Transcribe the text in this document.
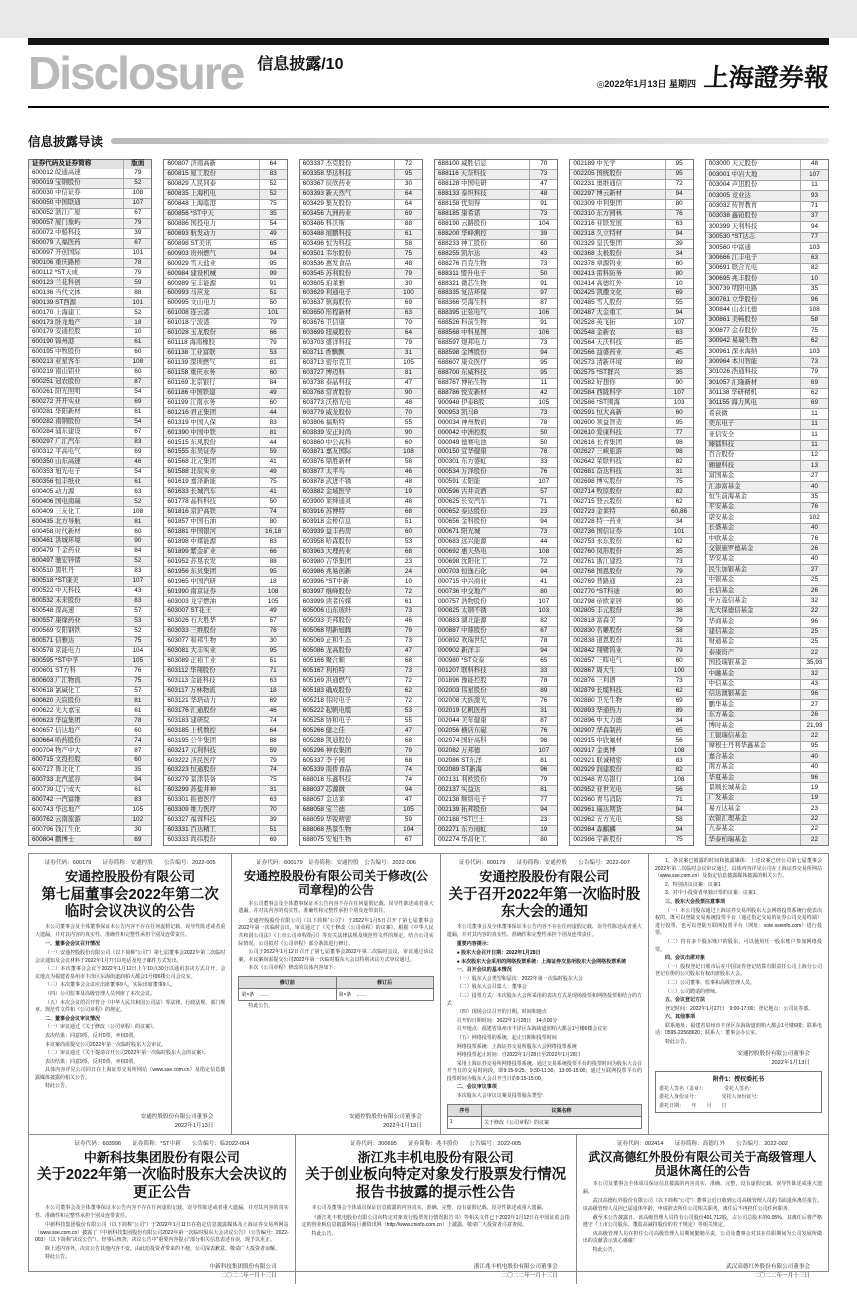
Disclosure 信息披露/10
◎2022年1月13日 星期四 上海證券報
信息披露导读
证券代码及证券简称	版面
600012 皖通高速	79
600019 宝钢股份	52
600030 中信证券	108
600050 中国联通	107
600052 浙江广厦	67
600057 厦门象屿	79
600072 中船科技	39
600079 人福医药	67
600097 开创国际	101
600106 重庆路桥	78
600112 *ST天成	79
600123 兰花科创	59
600136 当代文体	88
600139 ST西源	101
600170 上海建工	52
600173 卧龙地产	18
600179 安通控股	10
600190 锦州港	61
600195 中牧股份	60
600213 亚星客车	108
600219 南山铝业	60
600251 冠农股份	87
600261 阳光照明	54
600272 开开实业	69
600281 华阳新材	61
600282 南钢股份	54
600284 浦东建设	67
600297 广汇汽车	83
600312 平高电气	69
600350 山东高速	46
600353 旭光电子	54
600356 恒丰纸业	61
600405 动力源	63
600406 国电南瑞	52
600409 三友化工	108
600435 北方导航	81
600458 时代新材	60
600461 洪城环境	90
600479 千金药业	84
600497 驰宏锌锗	52
600510 黑牡丹	83
600518 *ST康美	107
600522 中天科技	43
600532 未来股份	83
600548 深高速	57
600557 康缘药业	53
600569 安阳钢铁	52
600571 信雅达	75
600578 京能电力	104
600595 *ST中孚	105
600601 ST方科	76
600603 广汇物流	75
600618 氯碱化工	57
600620 天宸股份	81
600622 光大嘉宝	61
600623 华谊集团	78
600657 信达地产	60
600664 哈药股份	74
600704 物产中大	87
600715 文投控股	60
600727 鲁北化工	35
600733 北汽蓝谷	94
600739 辽宁成大	61
600742 一汽富维	83
600743 华远地产	105
600762 云南旅游	102
600796 钱江生化	30
600804 鹏博士	69
600807 济南高新	64
600815 厦工股份	83
600829 人民同泰	52
600835 上海机电	52
600848 上海临港	75
600856 *ST中天	35
600886 国投电力	54
600893 航发动力	49
600898 ST美讯	65
600903 贵州燃气	94
600929 雪天盐业	95
600984 建设机械	99
600989 宝丰能源	91
600993 马应龙	51
600995 文山电力	50
601008 连云港	101
601018 宁波港	79
601028 玉龙股份	66
601118 海南橡胶	79
601138 工业富联	53
601139 深圳燃气	81
601158 重庆水务	60
601169 北京银行	84
601186 中国铁建	49
601199 江南水务	60
601216 君正集团	44
601319 中国人保	83
601390 中国中铁	81
601515 东风股份	44
601555 东吴证券	59
601568 北元集团	41
601588 北辰实业	49
601619 嘉泽新能	75
601633 长城汽车	41
601778 晶科科技	50
601816 京沪高铁	74
601857 中国石油	80
601881 中国银河	16,18
601898 中煤能源	83
601899 紫金矿业	66
601952 苏垦农发	88
601956 东贝集团	95
601965 中国汽研	18
601990 南京证券	108
603003 龙宇燃油	105
603007 ST花王	49
603026 石大胜华	57
603033 三维股份	76
603077 和邦生物	30
603081 大丰实业	95
603089 正裕工业	51
603112 华翔股份	71
603113 金能科技	63
603117 万林物流	18
603121 华培动力	69
603176 汇通股份	46
603183 建研院	74
603185 上机数控	64
603195 公牛集团	88
603217 元利科技	59
603222 济民医疗	79
603223 恒通股份	74
603279 景津装备	75
603299 苏盐井神	31
603301 振德医疗	63
603309 维力医疗	70
603327 福蓉科技	39
603331 百达精工	51
603333 尚纬股份	69
603337 杰克股份	72
603358 华达科技	95
603367 辰欣药业	30
603393 新天然气	64
603429 集友股份	64
603456 九洲药业	69
603486 科沃斯	88
603488 展鹏科技	61
603496 恒为科技	58
603501 韦尔股份	75
603536 惠发食品	48
603545 苏利股份	79
603605 珀莱雅	30
603629 利通电子	100
603637 镇海股份	69
603650 彤程新材	63
603676 卫信康	70
603699 纽威股份	64
603703 盛洋科技	79
603711 香飘飘	31
603713 密尔克卫	105
603727 博迈科	81
603738 泰晶科技	47
603768 常青股份	90
603773 沃格光电	48
603779 威龙股份	70
603806 福斯特	55
603839 安正时尚	90
603860 中公高科	60
603871 嘉友国际	108
603876 鼎胜新材	58
603877 太平鸟	46
603878 武进不锈	48
603882 金域医学	19
603900 莱绅通灵	48
603916 苏博特	68
603918 金桥信息	51
603939 益丰药房	60
603958 哈森股份	53
603963 大理药业	68
603980 吉华集团	23
603986 兆易创新	24
603996 *ST中新	10
603997 继峰股份	72
603999 读者传媒	61
605006 山东玻纤	73
605033 美邦股份	46
605068 明新旭腾	79
605069 正和生态	73
605086 龙高股份	47
605166 聚合顺	68
605167 利柏特	73
605169 洪通燃气	72
605183 确成股份	62
605218 伟时电子	72
605222 起帆电缆	53
605258 协和电子	55
605266 健之佳	47
605288 凯迪股份	68
605296 神农集团	79
605337 李子园	68
605339 南侨食品	74
688018 乐鑫科技	74
688037 芯源微	94
688057 金达莱	47
688058 宝兰德	105
688059 华锐精密	59
688068 热景生物	104
688075 安旭生物	67
688100 威胜信息	70
688116 天奈科技	73
688128 中国电研	47
688133 泰坦科技	48
688158 优刻得	91
688185 康希诺	73
688190 云路股份	104
688200 华峰测控	39
688233 神工股份	60
688255 凯尔达	43
688276 百克生物	73
688311 盟升电子	50
688321 微芯生物	91
688335 复洁环保	97
688366 昊海生科	87
688395 正弦电气	106
688526 科前生物	91
688568 中科星图	106
688597 煜邦电力	73
688598 金博股份	94
688607 康众医疗	95
688700 东威科技	95
688767 博拓生物	11
688786 悦安新材	42
900948 伊泰B股	105
900953 凯马B	73
000034 神州数码	78
000042 中洲控股	50
000049 德赛电池	50
000150 宜华健康	78
000301 东方盛虹	33
000534 万泽股份	76
000591 太阳能	107
000596 古井贡酒	57
000625 长安汽车	71
000652 泰达股份	23
000656 金科股份	94
000671 阳光城	73
000683 远兴能源	44
000692 惠天热电	108
000698 沈阳化工	72
000703 恒逸石化	94
000715 中兴商业	41
000736 中交地产	80
000757 浩物股份	107
000825 太钢不锈	103
000883 湖北能源	82
000887 中鼎股份	67
000892 欢瑞世纪	78
000902 新洋丰	94
000980 *ST众泰	65
001207 联科科技	33
001896 豫能控股	78
002003 伟星股份	89
002008 大族激光	76
002019 亿帆医药	31
002044 美年健康	87
002056 横店东磁	76
002074 国轩高科	98
002082 万邦德	107
002086 ST东洋	81
002089 ST新海	96
002131 利欧股份	79
002137 实益达	81
002138 顺络电子	77
002139 拓邦股份	94
002188 *ST巴士	23
002271 东方雨虹	19
002274 华昌化工	80
002189 中光学	95
002205 国统股份	95
002231 奥维通信	72
002297 博云新材	94
002309 中利集团	80
002310 东方园林	76
002316 亚联发展	63
002318 久立特材	94
002329 皇氏集团	39
002368 太极股份	34
002378 章源钨业	60
002413 雷科防务	80
002414 高德红外	10
002425 凯撒文化	69
002485 雪人股份	55
002487 大金重工	94
002528 英飞拓	107
002548 金新农	63
002564 天沃科技	85
002566 益盛药业	45
002573 清新环境	89
002575 *ST群兴	35
002582 好想你	90
002584 西陇科学	107
002586 *ST围海	103
002591 恒大高新	60
002600 领益智造	95
002610 爱康科技	77
002616 长青集团	98
002627 三峡旅游	98
002642 荣联科技	82
002681 奋达科技	31
002698 博实股份	75
002714 牧原股份	82
002715 登云股份	62
002723 金莱特	60,86
002728 特一药业	34
002736 国信证券	101
002753 永东股份	62
002760 凤形股份	35
002761 浙江建投	73
002768 国恩股份	79
002769 普路通	23
002770 *ST科迪	90
002798 帝欧家居	90
002805 丰元股份	38
002818 富森美	79
002830 名雕股份	58
002838 道恩股份	31
002842 翔鹭钨业	79
002857 三晖电气	60
002867 周大生	100
002876 三利谱	73
002879 长缆科技	62
002880 卫光生物	69
002893 华通热力	89
002896 中大力德	34
002907 华森制药	65
002915 中欣氟材	56
002917 金奥博	108
002921 联诚精密	83
002929 润建股份	82
002948 青岛银行	108
002952 亚世光电	56
002960 青鸟消防	71
002961 瑞达期货	94
002962 五方光电	58
002984 森麒麟	94
002986 宇新股份	75
003000 天元股份	48
003001 中岩大地	107
003004 声迅股份	11
003005 竞业达	93
003032 传智教育	71
003038 鑫铂股份	37
300399 天利科技	94
300530 *ST达志	77
300560 中富通	103
300666 江丰电子	63
300691 联合光电	82
300695 兆丰股份	10
300739 明阳电路	35
300761 立华股份	96
300844 山水比德	108
300861 美畅股份	58
300877 金春股份	75
300942 易瑞生物	62
300961 深水海纳	103
300964 本川智能	73
301026 浩通科技	79
301057 汇隆新材	69
301138 华研精机	62
301155 海力风电	69
希荻微	11
奕东电子	11
亚信安全	11
臻镭科技	11
百合股份	12
翱捷科技	13
富国基金	27
汇添富基金	40
恒生前海基金	35
平安基金	76
诺安基金	102
长盛基金	40
中欧基金	76
交银施罗德基金	26
华安基金	40
民生加银基金	27
中银基金	25
长信基金	26
申万菱信基金	32
光大保德信基金	22
华商基金	96
建信基金	25
财通基金	25
泰康资产	22
国投瑞银基金	35,93
中融基金	32
中信基金	43
信达澳银基金	96
鹏华基金	27
东方基金	26
博时基金	21,93
工银瑞信基金	22
摩根士丹利华鑫基金	95
嘉合基金	40
南方基金	40
华夏基金	96
景顺长城基金	19
广发基金	19
易方达基金	23
农银汇理基金	22
九泰基金	22
华泰柏瑞基金	22
证券代码：600179　　证券简称：安通控股　　公告编号：2022-005
安通控股股份有限公司
第七届董事会2022年第二次临时会议决议的公告

本公司董事会及全体董事保证本公告内容不存在任何虚假记载、误导性陈述或者重大遗漏，并对其内容的真实性、准确性和完整性承担个别及连带责任。

一、董事会会议召开情况

（一）安通控股股份有限公司（以下简称“公司”）第七届董事会2022年第二次临时会议通知及会议材料于2022年1月7日以电话及电子邮件方式发出。

（二）本次董事会会议于2022年1月12日上午10点30分以通讯表决方式召开，会议地点为福建省泉州市丰泽区东海街道润柏大都会1号楼6楼公司会议室。

（三）本次董事会会议应出席董事9人，实际出席董事9人。

（四）公司监事及高级管理人员列席了本次会议。

（五）本次会议的召开符合《中华人民共和国公司法》等法律、行政法规、部门规章、规范性文件和《公司章程》的规定。

二、董事会会议审议情况

（一）审议通过《关于修改〈公司章程〉的议案》。

表决结果：同意9票，反对0票，弃权0票。

本议案尚需提交公司2022年第一次临时股东大会审议。

（二）审议通过《关于提请召开公司2022年第一次临时股东大会的议案》。

表决结果：同意9票，反对0票，弃权0票。

具体内容详见公司同日在上海证券交易所网站（www.sse.com.cn）及指定信息披露媒体披露的相关公告。

特此公告。

安通控股股份有限公司董事会
2022年1月13日
证券代码：600179　证券简称：安通控股　公告编号：2022-006
安通控股股份有限公司关于修改(公司章程)的公告

本公司董事会及全体董事保证本公告内容不存在任何虚假记载、误导性陈述或者重大遗漏，并对其内容的真实性、准确性和完整性承担个别及连带责任。

安通控股股份有限公司（以下简称“公司”）于2022年1月5日召开了第七届董事会2022年第一次临时会议，审议通过了《关于修改〈公司章程〉的议案》。根据《中华人民共和国公司法》《上市公司章程指引》等有关法律法规及规范性文件的规定，结合公司实际情况，公司拟对《公司章程》部分条款进行修订。

公司于2022年1月12日召开了第七届董事会2022年第二次临时会议，审议通过该议案，本议案尚需提交公司2022年第一次临时股东大会以特别决议方式审议通过。

本次《公司章程》修改的具体内容如下：

修订前	修订后
第×条　……	第×条　……

特此公告。

安通控股股份有限公司董事会
2022年1月13日
证券代码：600179　　证券简称：安通控股　　公告编号：2022-007
安通控股股份有限公司
关于召开2022年第一次临时股东大会的通知

本公司董事会及全体董事保证本公告内容不存在任何虚假记载、误导性陈述或者重大遗漏，并对其内容的真实性、准确性和完整性承担个别及连带责任。

重要内容提示：

● 股东大会召开日期：2022年1月28日

● 本次股东大会采用的网络投票系统：上海证券交易所股东大会网络投票系统

一、召开会议的基本情况

（一）股东大会类型和届次：2022年第一次临时股东大会

（二）股东大会召集人：董事会

（三）投票方式：本次股东大会所采用的表决方式是现场投票和网络投票相结合的方式

（四）现场会议召开的日期、时间和地点

召开的日期时间：2022年1月28日　14点00分

召开地点：福建省泉州市丰泽区东海街道润柏大都会1号楼6楼会议室

（五）网络投票的系统、起止日期和投票时间

网络投票系统：上海证券交易所股东大会网络投票系统

网络投票起止时间：自2022年1月28日至2022年1月28日

采用上海证券交易所网络投票系统，通过交易系统投票平台的投票时间为股东大会召开当日的交易时间段，即9:15-9:25、9:30-11:30、13:00-15:00；通过互联网投票平台的投票时间为股东大会召开当日的9:15-15:00。

二、会议审议事项

本次股东大会审议议案及投票股东类型：

序号	议案名称
1	关于修改《公司章程》的议案

1、各议案已披露的时间和披露媒体：上述议案已经公司第七届董事会2022年第二次临时会议审议通过，具体内容详见公司在上海证券交易所网站（www.sse.com.cn）及指定信息披露媒体披露的相关公告。

2、特别决议议案：议案1

3、对中小投资者单独计票的议案：议案1

三、股东大会投票注意事项

（一）本公司股东通过上海证券交易所股东大会网络投票系统行使表决权的，既可以登陆交易系统投票平台（通过指定交易的证券公司交易终端）进行投票，也可以登陆互联网投票平台（网址：vote.sseinfo.com）进行投票。

（二）持有多个股东账户的股东，可以使用任一股东账户参加网络投票。

四、会议出席对象

（一）股权登记日收市后在中国证券登记结算有限责任公司上海分公司登记在册的公司股东有权出席股东大会。

（二）公司董事、监事和高级管理人员。

（三）公司聘请的律师。

五、会议登记方法

登记时间：2022年1月27日　9:00-17:00；登记地点：公司证券部。

六、其他事项

联系地址：福建省泉州市丰泽区东海街道润柏大都会1号楼6楼；联系电话：0595-22568620；联系人：董事会办公室。

特此公告。

安通控股股份有限公司董事会
2022年1月13日

附件1：授权委托书

委托人签名（盖章）：　　　　受托人签名：

委托人身份证号：　　　　　受托人身份证号：

委托日期：　　年　　月　　日

证券代码：603996　　证券简称：*ST中新　　公告编号：临2022-004
中新科技集团股份有限公司
关于2022年第一次临时股东大会决议的更正公告

本公司董事会及全体董事保证本公告内容不存在任何虚假记载、误导性陈述或者重大遗漏，并对其内容的真实性、准确性和完整性承担个别及连带责任。

中新科技集团股份有限公司（以下简称“公司”）于2022年1月11日在指定信息披露媒体及上海证券交易所网站（www.sse.com.cn）披露了《中新科技集团股份有限公司2022年第一次临时股东大会决议公告》（公告编号：2022-003）（以下简称“决议公告”）。经事后核查，决议公告中“重要内容提示”部分相关信息表述有误，现予以更正。

除上述内容外，决议公告其他内容不变。由此给投资者带来的不便，公司深表歉意，敬请广大投资者谅解。

特此公告。

中新科技集团股份有限公司
二〇二二年一月十三日
证券代码：300695　　证券简称：兆丰股份　　公告编号：2022-005
浙江兆丰机电股份有限公司
关于创业板向特定对象发行股票发行情况报告书披露的提示性公告

本公司及董事会全体成员保证信息披露的内容真实、准确、完整，没有虚假记载、误导性陈述或重大遗漏。

《浙江兆丰机电股份有限公司向特定对象发行股票发行情况报告书》等相关文件已于2022年1月12日在中国证监会指定的创业板信息披露网站巨潮资讯网（http://www.cninfo.com.cn）上披露，敬请广大投资者注意查阅。

特此公告。

浙江兆丰机电股份有限公司董事会
二〇二二年一月十三日
证券代码：002414　　证券简称：高德红外　　公告编号：2022-002
武汉高德红外股份有限公司关于高级管理人员退休离任的公告

本公司及董事会全体成员保证信息披露的内容真实、准确、完整，没有虚假记载、误导性陈述或重大遗漏。

武汉高德红外股份有限公司（以下简称“公司”）董事会近日收到公司高级管理人员的书面退休离任报告。该高级管理人员因已届退休年龄，申请辞去所任公司相关职务，离任后不再担任公司任何职务。

截至本公告披露日，该高级管理人员持有公司股份401,712股，占公司总股本的0.05%。其离任后将严格遵守《上市公司股东、董监高减持股份的若干规定》等相关规定。

该高级管理人员在担任公司高级管理人员期间勤勉尽责，公司及董事会对其在任职期间为公司发展所做出的贡献表示衷心感谢！

特此公告。

武汉高德红外股份有限公司董事会
二〇二二年一月十三日
